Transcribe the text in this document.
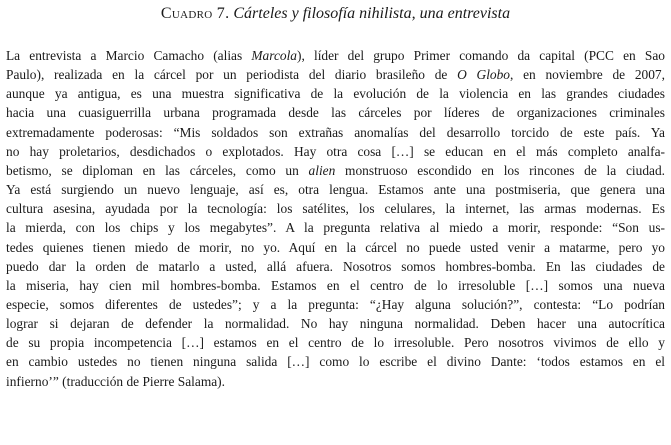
Cuadro 7. Cárteles y filosofía nihilista, una entrevista
La entrevista a Marcio Camacho (alias Marcola), líder del grupo Primer comando da capital (PCC en Sao
Paulo), realizada en la cárcel por un periodista del diario brasileño de O Globo, en noviembre de 2007,
aunque ya antigua, es una muestra significativa de la evolución de la violencia en las grandes ciudades
hacia una cuasiguerrilla urbana programada desde las cárceles por líderes de organizaciones criminales
extremadamente poderosas: “Mis soldados son extrañas anomalías del desarrollo torcido de este país. Ya
no hay proletarios, desdichados o explotados. Hay otra cosa […] se educan en el más completo analfa-
betismo, se diploman en las cárceles, como un alien monstruoso escondido en los rincones de la ciudad.
Ya está surgiendo un nuevo lenguaje, así es, otra lengua. Estamos ante una postmiseria, que genera una
cultura asesina, ayudada por la tecnología: los satélites, los celulares, la internet, las armas modernas. Es
la mierda, con los chips y los megabytes”. A la pregunta relativa al miedo a morir, responde: “Son us-
tedes quienes tienen miedo de morir, no yo. Aquí en la cárcel no puede usted venir a matarme, pero yo
puedo dar la orden de matarlo a usted, allá afuera. Nosotros somos hombres-bomba. En las ciudades de
la miseria, hay cien mil hombres-bomba. Estamos en el centro de lo irresoluble […] somos una nueva
especie, somos diferentes de ustedes”; y a la pregunta: “¿Hay alguna solución?”, contesta: “Lo podrían
lograr si dejaran de defender la normalidad. No hay ninguna normalidad. Deben hacer una autocrítica
de su propia incompetencia […] estamos en el centro de lo irresoluble. Pero nosotros vivimos de ello y
en cambio ustedes no tienen ninguna salida […] como lo escribe el divino Dante: ‘todos estamos en el
infierno’” (traducción de Pierre Salama).
